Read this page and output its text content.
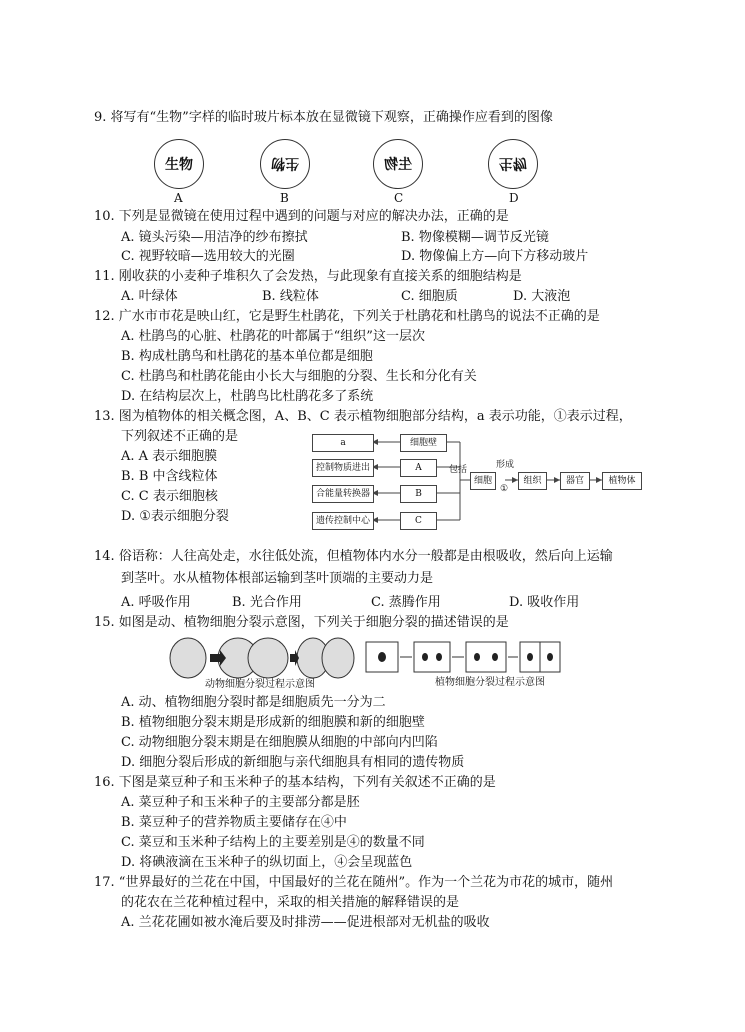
9. 将写有“生物”字样的临时玻片标本放在显微镜下观察，正确操作应看到的图像
生物	生物	生物	生物
A	B	C	D
10. 下列是显微镜在使用过程中遇到的问题与对应的解决办法，正确的是
A. 镜头污染—用洁净的纱布擦拭	B. 物像模糊—调节反光镜
C. 视野较暗—选用较大的光圈	D. 物像偏上方—向下方移动玻片
11. 刚收获的小麦种子堆积久了会发热，与此现象有直接关系的细胞结构是
A. 叶绿体	B. 线粒体	C. 细胞质	D. 大液泡
12. 广水市市花是映山红，它是野生杜鹃花，下列关于杜鹃花和杜鹃鸟的说法不正确的是
A. 杜鹃鸟的心脏、杜鹃花的叶都属于“组织”这一层次
B. 构成杜鹃鸟和杜鹃花的基本单位都是细胞
C. 杜鹃鸟和杜鹃花能由小长大与细胞的分裂、生长和分化有关
D. 在结构层次上，杜鹃鸟比杜鹃花多了系统
13. 图为植物体的相关概念图，A、B、C 表示植物细胞部分结构，a 表示功能，①表示过程，
下列叙述不正确的是
A. A 表示细胞膜
B. B 中含线粒体
C. C 表示细胞核
D. ①表示细胞分裂
a
控制物质进出
合能量转换器
遗传控制中心
细胞壁
A
B
C
包括
细胞
形成
①
组织	器官	植物体
14. 俗语称：人往高处走，水往低处流，但植物体内水分一般都是由根吸收，然后向上运输
到茎叶。水从植物体根部运输到茎叶顶端的主要动力是
A. 呼吸作用	B. 光合作用	C. 蒸腾作用	D. 吸收作用
15. 如图是动、植物细胞分裂示意图，下列关于细胞分裂的描述错误的是
动物细胞分裂过程示意图	植物细胞分裂过程示意图
A. 动、植物细胞分裂时都是细胞质先一分为二
B. 植物细胞分裂末期是形成新的细胞膜和新的细胞壁
C. 动物细胞分裂末期是在细胞膜从细胞的中部向内凹陷
D. 细胞分裂后形成的新细胞与亲代细胞具有相同的遗传物质
16. 下图是菜豆种子和玉米种子的基本结构，下列有关叙述不正确的是
A. 菜豆种子和玉米种子的主要部分都是胚
B. 菜豆种子的营养物质主要储存在④中
C. 菜豆和玉米种子结构上的主要差别是④的数量不同
D. 将碘液滴在玉米种子的纵切面上，④会呈现蓝色
17. “世界最好的兰花在中国，中国最好的兰花在随州”。作为一个兰花为市花的城市，随州
的花农在兰花种植过程中，采取的相关措施的解释错误的是
A. 兰花花圃如被水淹后要及时排涝——促进根部对无机盐的吸收
